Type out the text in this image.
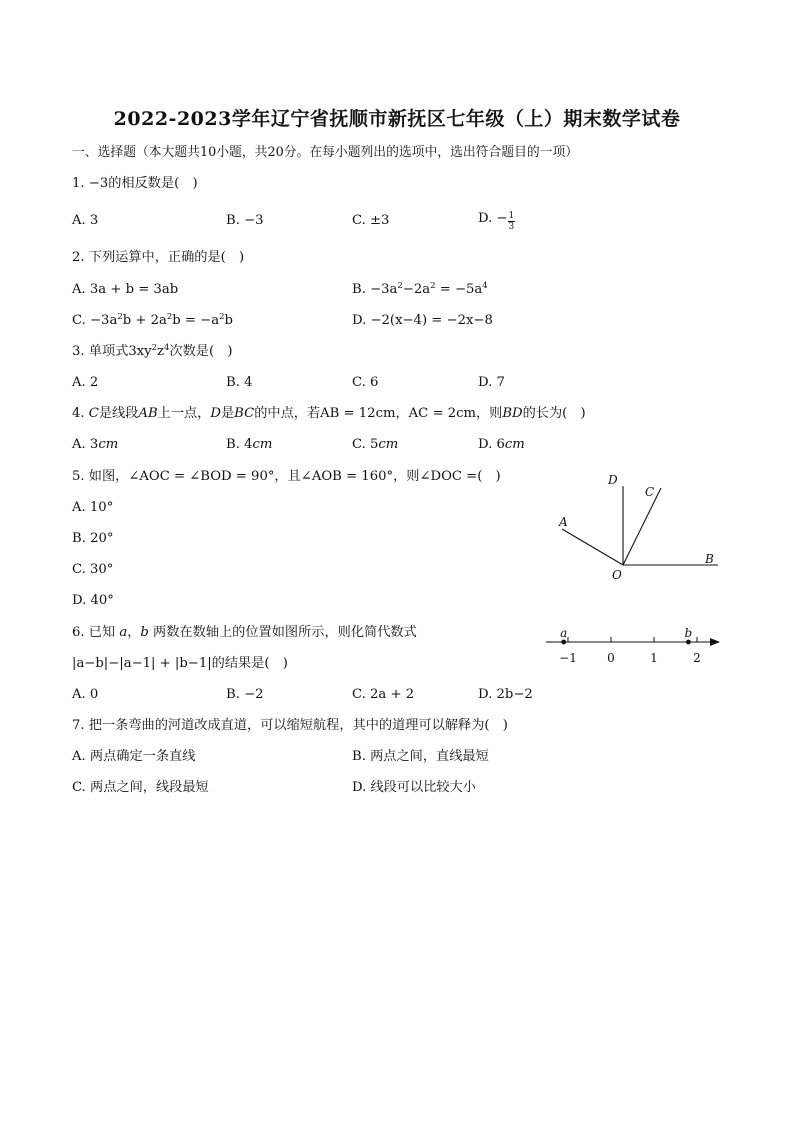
2022-2023学年辽宁省抚顺市新抚区七年级（上）期末数学试卷
一、选择题（本大题共10小题，共20分。在每小题列出的选项中，选出符合题目的一项）
1. −3的相反数是(　)
A. 3	B. −3	C. ±3	D. − $\frac{1}{3}$
2. 下列运算中，正确的是(　)
A. 3a + b = 3ab	B. $-3a^2-2a^2 = -5a^4$
C. $-3a^2b + 2a^2b = -a^2b$	D. −2(x−4) = −2x−8
3. 单项式$3xy^2z^4$次数是(　)
A. 2	B. 4	C. 6	D. 7
4. C是线段AB上一点，D是BC的中点，若AB = 12cm，AC = 2cm，则BD的长为(　)
A. 3cm	B. 4cm	C. 5cm	D. 6cm
5. 如图，∠AOC = ∠BOD = 90°，且∠AOB = 160°，则∠DOC =(　)
A. 10°
B. 20°
C. 30°
D. 40°
D
C
A
O
B
6. 已知 a，b 两数在数轴上的位置如图所示，则化简代数式
|a−b|−|a−1| + |b−1|的结果是(　)
A. 0	B. −2	C. 2a + 2	D. 2b−2
−1	0	1	2
a	b
7. 把一条弯曲的河道改成直道，可以缩短航程，其中的道理可以解释为(　)
A. 两点确定一条直线	B. 两点之间，直线最短
C. 两点之间，线段最短	D. 线段可以比较大小
